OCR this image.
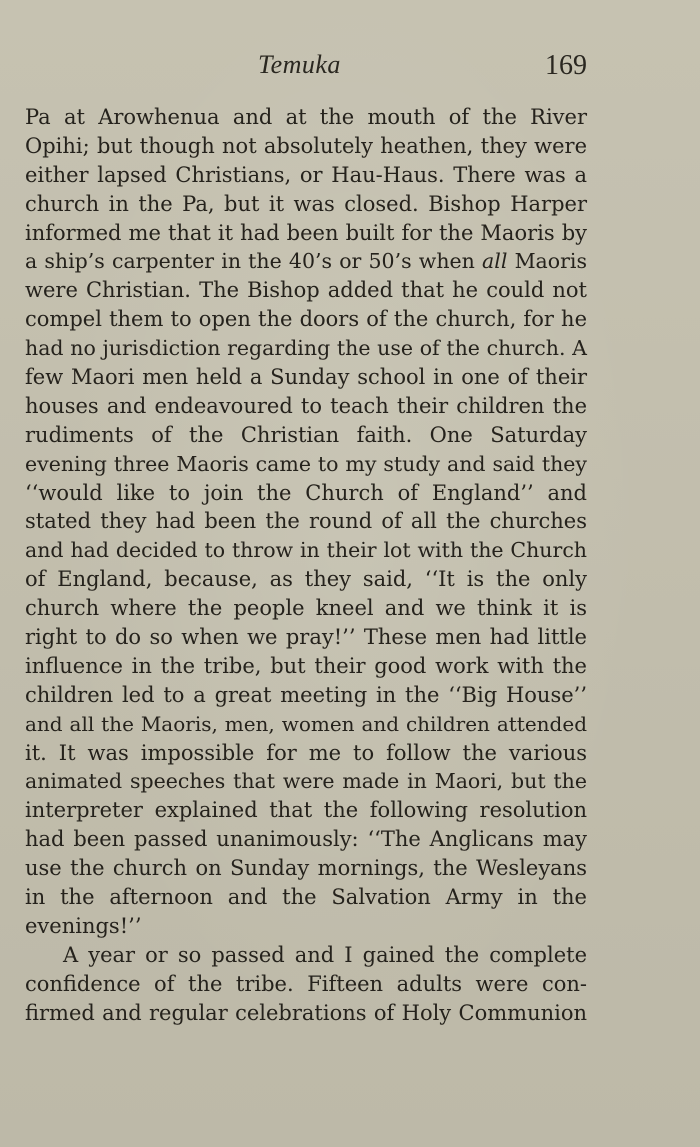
Temuka	169
Pa at Arowhenua and at the mouth of the River
Opihi; but though not absolutely heathen, they were
either lapsed Christians, or Hau-Haus. There was a
church in the Pa, but it was closed. Bishop Harper
informed me that it had been built for the Maoris by
a ship’s carpenter in the 40’s or 50’s when all Maoris
were Christian. The Bishop added that he could not
compel them to open the doors of the church, for he
had no jurisdiction regarding the use of the church. A
few Maori men held a Sunday school in one of their
houses and endeavoured to teach their children the
rudiments of the Christian faith. One Saturday
evening three Maoris came to my study and said they
‘‘would like to join the Church of England’’ and
stated they had been the round of all the churches
and had decided to throw in their lot with the Church
of England, because, as they said, ‘‘It is the only
church where the people kneel and we think it is
right to do so when we pray!’’ These men had little
influence in the tribe, but their good work with the
children led to a great meeting in the ‘‘Big House’’
and all the Maoris, men, women and children attended
it. It was impossible for me to follow the various
animated speeches that were made in Maori, but the
interpreter explained that the following resolution
had been passed unanimously: ‘‘The Anglicans may
use the church on Sunday mornings, the Wesleyans
in the afternoon and the Salvation Army in the
evenings!’’
A year or so passed and I gained the complete
confidence of the tribe. Fifteen adults were con-
firmed and regular celebrations of Holy Communion
